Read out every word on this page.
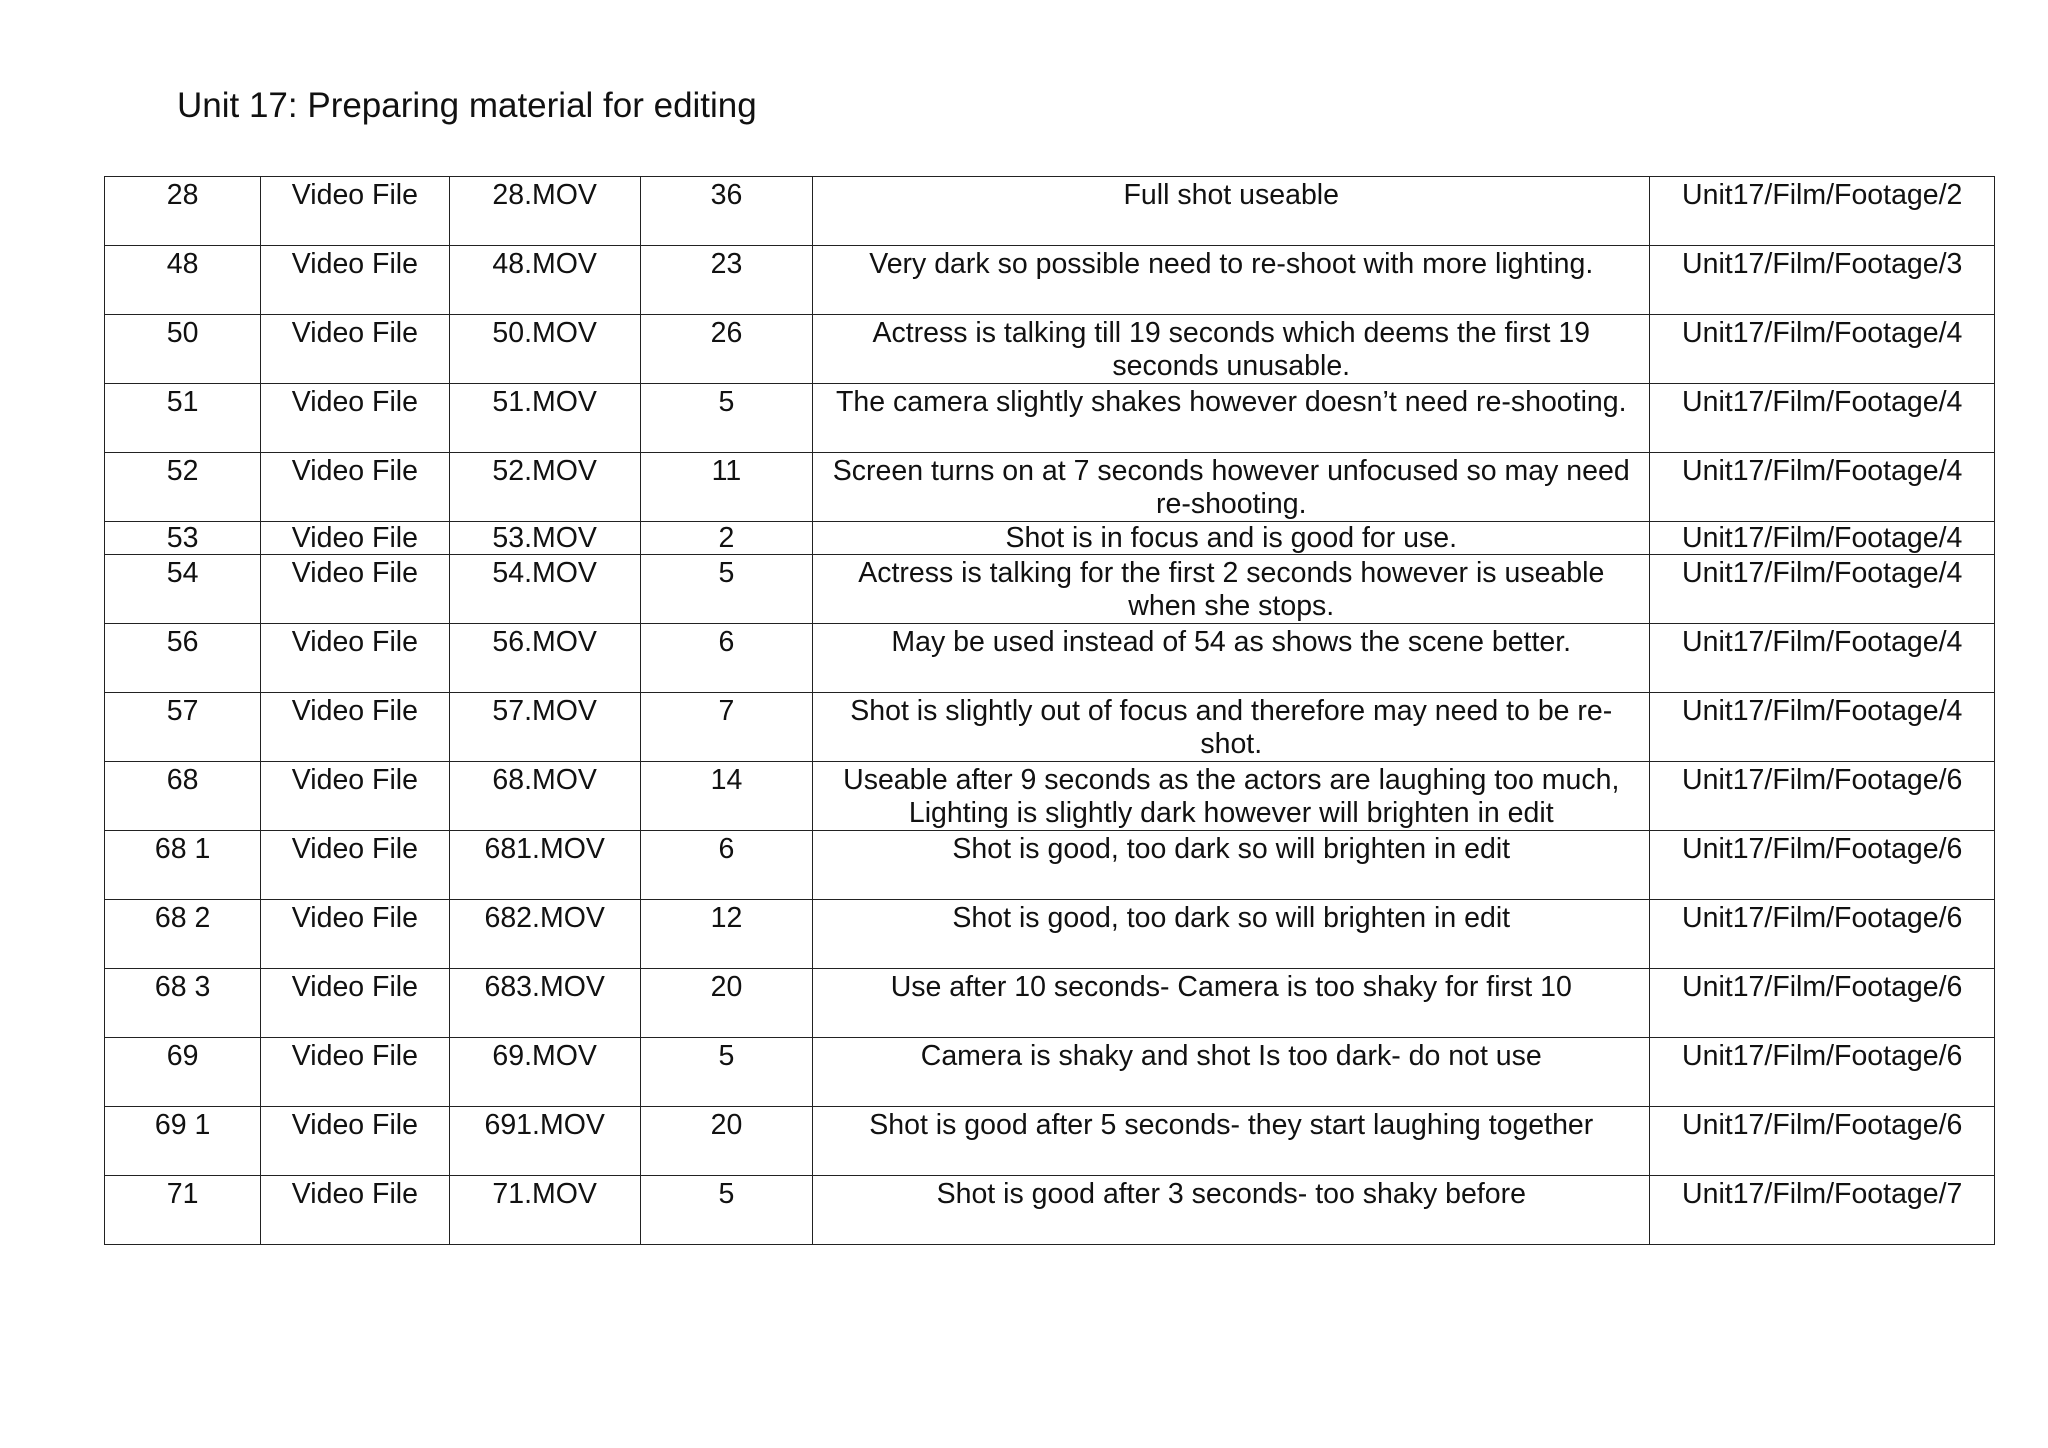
Unit 17: Preparing material for editing
28	Video File	28.MOV	36	Full shot useable	Unit17/Film/Footage/2
48	Video File	48.MOV	23	Very dark so possible need to re-shoot with more lighting.	Unit17/Film/Footage/3
50	Video File	50.MOV	26	Actress is talking till 19 seconds which deems the first 19 seconds unusable.	Unit17/Film/Footage/4
51	Video File	51.MOV	5	The camera slightly shakes however doesn’t need re-shooting.	Unit17/Film/Footage/4
52	Video File	52.MOV	11	Screen turns on at 7 seconds however unfocused so may need re-shooting.	Unit17/Film/Footage/4
53	Video File	53.MOV	2	Shot is in focus and is good for use.	Unit17/Film/Footage/4
54	Video File	54.MOV	5	Actress is talking for the first 2 seconds however is useable when she stops.	Unit17/Film/Footage/4
56	Video File	56.MOV	6	May be used instead of 54 as shows the scene better.	Unit17/Film/Footage/4
57	Video File	57.MOV	7	Shot is slightly out of focus and therefore may need to be re-shot.	Unit17/Film/Footage/4
68	Video File	68.MOV	14	Useable after 9 seconds as the actors are laughing too much, Lighting is slightly dark however will brighten in edit	Unit17/Film/Footage/6
68 1	Video File	681.MOV	6	Shot is good, too dark so will brighten in edit	Unit17/Film/Footage/6
68 2	Video File	682.MOV	12	Shot is good, too dark so will brighten in edit	Unit17/Film/Footage/6
68 3	Video File	683.MOV	20	Use after 10 seconds- Camera is too shaky for first 10	Unit17/Film/Footage/6
69	Video File	69.MOV	5	Camera is shaky and shot Is too dark- do not use	Unit17/Film/Footage/6
69 1	Video File	691.MOV	20	Shot is good after 5 seconds- they start laughing together	Unit17/Film/Footage/6
71	Video File	71.MOV	5	Shot is good after 3 seconds- too shaky before	Unit17/Film/Footage/7
